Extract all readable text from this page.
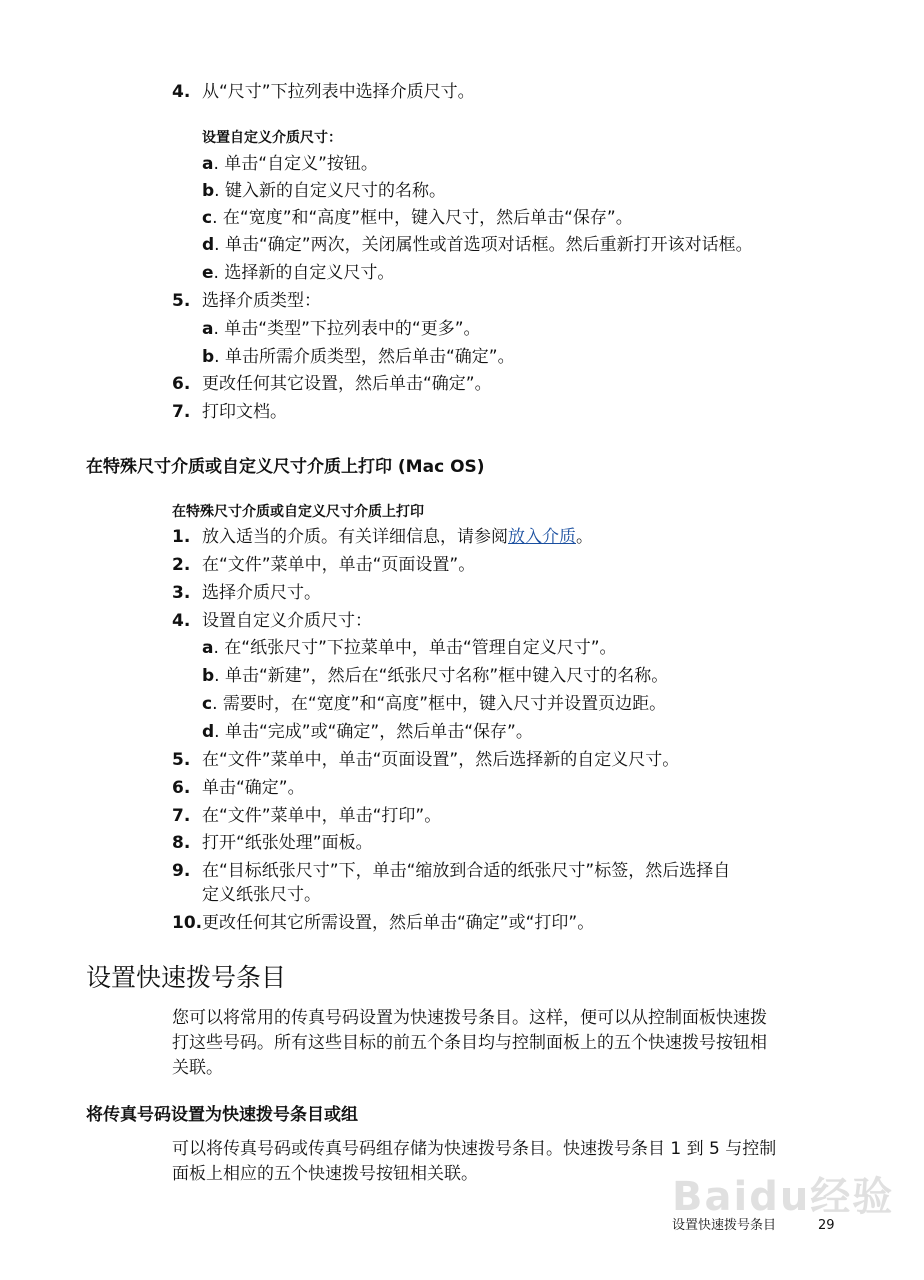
4. 从“尺寸”下拉列表中选择介质尺寸。
设置自定义介质尺寸：
a. 单击“自定义”按钮。
b. 键入新的自定义尺寸的名称。
c. 在“宽度”和“高度”框中，键入尺寸，然后单击“保存”。
d. 单击“确定”两次，关闭属性或首选项对话框。然后重新打开该对话框。
e. 选择新的自定义尺寸。
5. 选择介质类型：
a. 单击“类型”下拉列表中的“更多”。
b. 单击所需介质类型，然后单击“确定”。
6. 更改任何其它设置，然后单击“确定”。
7. 打印文档。
在特殊尺寸介质或自定义尺寸介质上打印 (Mac OS)
在特殊尺寸介质或自定义尺寸介质上打印
1. 放入适当的介质。有关详细信息，请参阅放入介质。
2. 在“文件”菜单中，单击“页面设置”。
3. 选择介质尺寸。
4. 设置自定义介质尺寸：
a. 在“纸张尺寸”下拉菜单中，单击“管理自定义尺寸”。
b. 单击“新建”，然后在“纸张尺寸名称”框中键入尺寸的名称。
c. 需要时，在“宽度”和“高度”框中，键入尺寸并设置页边距。
d. 单击“完成”或“确定”，然后单击“保存”。
5. 在“文件”菜单中，单击“页面设置”，然后选择新的自定义尺寸。
6. 单击“确定”。
7. 在“文件”菜单中，单击“打印”。
8. 打开“纸张处理”面板。
9. 在“目标纸张尺寸”下，单击“缩放到合适的纸张尺寸”标签，然后选择自
定义纸张尺寸。
10.更改任何其它所需设置，然后单击“确定”或“打印”。
设置快速拨号条目
您可以将常用的传真号码设置为快速拨号条目。这样，便可以从控制面板快速拨
打这些号码。所有这些目标的前五个条目均与控制面板上的五个快速拨号按钮相
关联。
将传真号码设置为快速拨号条目或组
可以将传真号码或传真号码组存储为快速拨号条目。快速拨号条目 1 到 5 与控制
面板上相应的五个快速拨号按钮相关联。	Baidu经验
设置快速拨号条目	29
